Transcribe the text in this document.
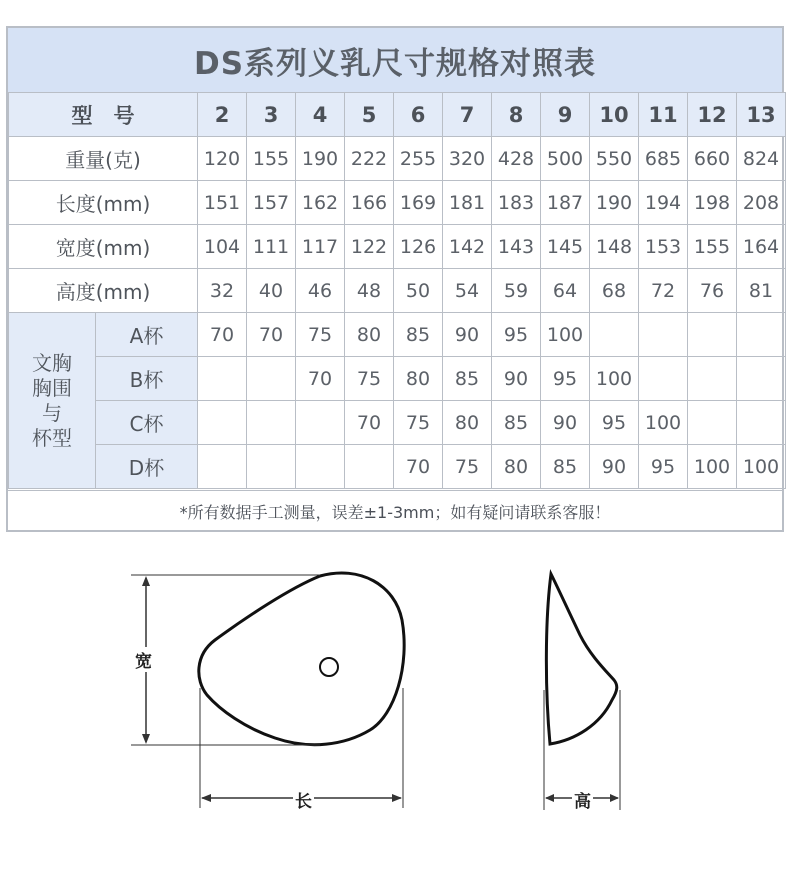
DS系列义乳尺寸规格对照表
型　号		2	3	4	5	6	7	8	9	10	11	12	13
重量(克)		120	155	190	222	255	320	428	500	550	685	660	824
长度(mm)		151	157	162	166	169	181	183	187	190	194	198	208
宽度(mm)		104	111	117	122	126	142	143	145	148	153	155	164
高度(mm)		32	40	46	48	50	54	59	64	68	72	76	81

文胸
胸围
与
杯型	A杯	70	70	75	80	85	90	95	100				
	B杯			70	75	80	85	90	95	100			
	C杯				70	75	80	85	90	95	100		
	D杯					70	75	80	85	90	95	100	100
*所有数据手工测量，误差±1-3mm；如有疑问请联系客服！
宽
长	高
